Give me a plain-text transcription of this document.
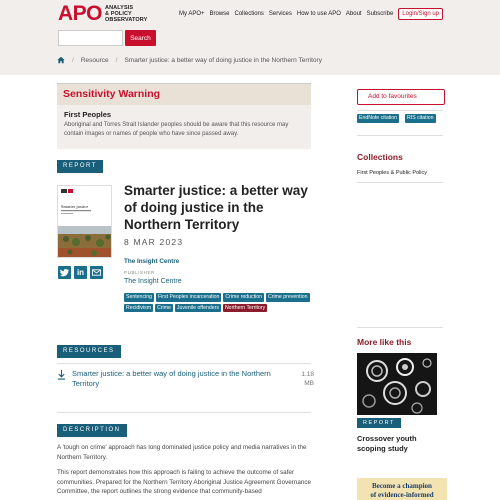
APO ANALYSIS
& POLICY
OBSERVATORY
My APO+ Browse Collections Services How to use APO About Subscribe	Login/Sign up
Search
/ Resource / Smarter justice: a better way of doing justice in the Northern Territory
Sensitivity Warning
First Peoples
Aboriginal and Torres Strait Islander peoples should be aware that this resource may contain images or names of people who have since passed away.
REPORT
Smarter justice
in
Smarter justice: a better way of doing justice in the Northern Territory
8 MAR 2023
The Insight Centre
PUBLISHER
The Insight Centre
Sentencing	First Peoples incarceration	Crime reduction	Crime prevention
Recidivism	Crime	Juvenile offenders	Northern Territory
RESOURCES
Smarter justice: a better way of doing justice in the Northern Territory
1.18 MB
DESCRIPTION
A 'tough on crime' approach has long dominated justice policy and media narratives in the Northern Territory.
This report demonstrates how this approach is failing to achieve the outcome of safer communities. Prepared for the Northern Territory Aboriginal Justice Agreement Governance Committee, the report outlines the strong evidence that community-based
Add to favourites
EndNote citation	RIS citation
Collections
First Peoples & Public Policy
More like this
REPORT
Crossover youth scoping study
Become a champion
of evidence-informed
